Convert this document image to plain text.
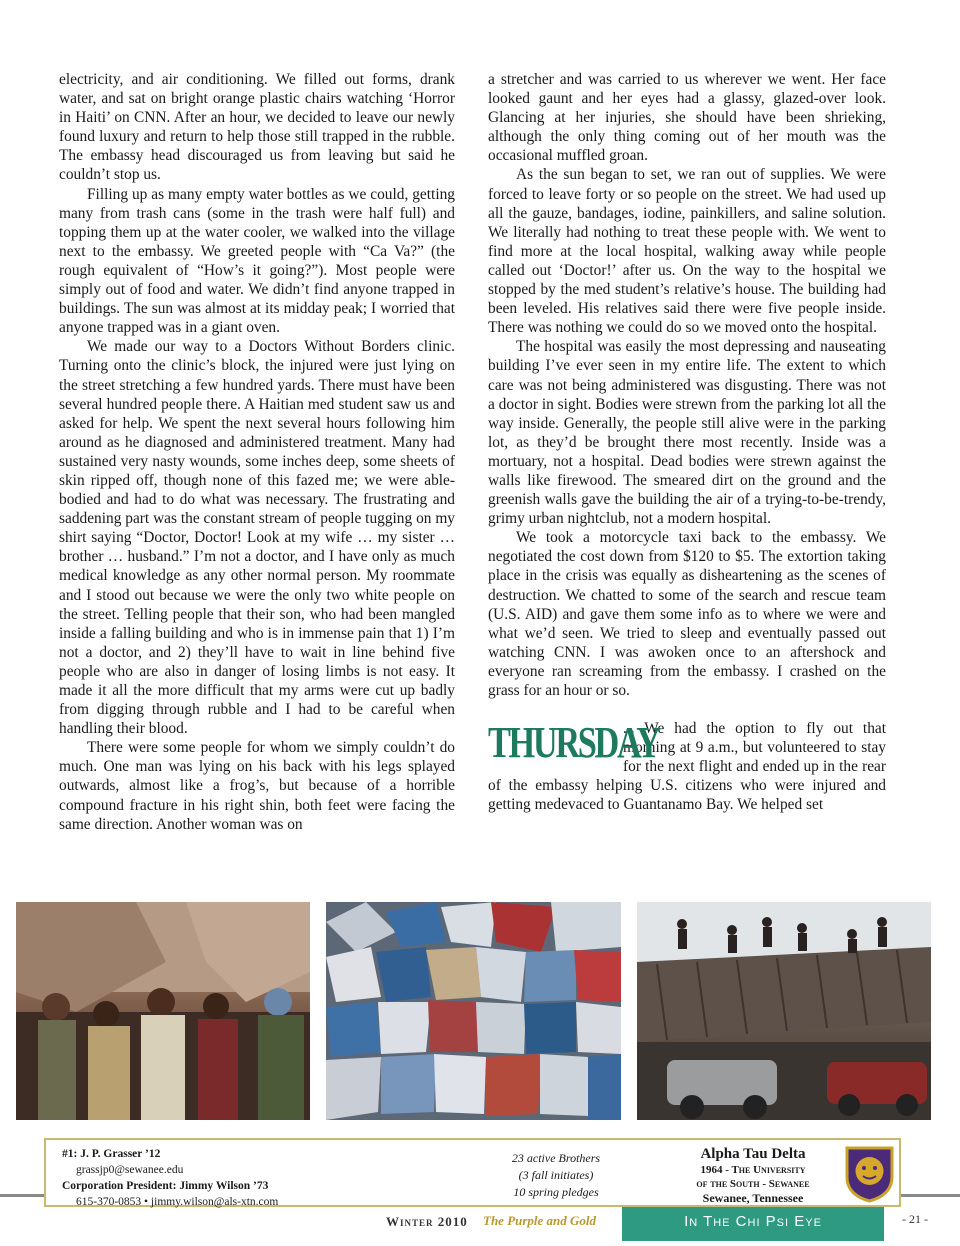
electricity, and air conditioning. We filled out forms, drank water, and sat on bright orange plastic chairs watching ‘Horror in Haiti’ on CNN. After an hour, we decided to leave our newly found luxury and return to help those still trapped in the rubble. The embassy head discouraged us from leaving but said he couldn’t stop us.

Filling up as many empty water bottles as we could, getting many from trash cans (some in the trash were half full) and topping them up at the water cooler, we walked into the village next to the embassy. We greeted people with “Ca Va?” (the rough equivalent of “How’s it going?”). Most people were simply out of food and water. We didn’t find anyone trapped in buildings. The sun was almost at its midday peak; I worried that anyone trapped was in a giant oven.

We made our way to a Doctors Without Borders clinic. Turning onto the clinic’s block, the injured were just lying on the street stretching a few hundred yards. There must have been several hundred people there. A Haitian med student saw us and asked for help. We spent the next several hours following him around as he diagnosed and administered treatment. Many had sustained very nasty wounds, some inches deep, some sheets of skin ripped off, though none of this fazed me; we were able-bodied and had to do what was necessary. The frustrating and saddening part was the constant stream of people tugging on my shirt saying “Doctor, Doctor! Look at my wife … my sister … brother … husband.” I’m not a doctor, and I have only as much medical knowledge as any other normal person. My roommate and I stood out because we were the only two white people on the street. Telling people that their son, who had been mangled inside a falling building and who is in immense pain that 1) I’m not a doctor, and 2) they’ll have to wait in line behind five people who are also in danger of losing limbs is not easy. It made it all the more difficult that my arms were cut up badly from digging through rubble and I had to be careful when handling their blood.

There were some people for whom we simply couldn’t do much. One man was lying on his back with his legs splayed outwards, almost like a frog’s, but because of a horrible compound fracture in his right shin, both feet were facing the same direction. Another woman was on

a stretcher and was carried to us wherever we went. Her face looked gaunt and her eyes had a glassy, glazed-over look. Glancing at her injuries, she should have been shrieking, although the only thing coming out of her mouth was the occasional muffled groan.

As the sun began to set, we ran out of supplies. We were forced to leave forty or so people on the street. We had used up all the gauze, bandages, iodine, painkillers, and saline solution. We literally had nothing to treat these people with. We went to find more at the local hospital, walking away while people called out ‘Doctor!’ after us. On the way to the hospital we stopped by the med student’s relative’s house. The building had been leveled. His relatives said there were five people inside. There was nothing we could do so we moved onto the hospital.

The hospital was easily the most depressing and nauseating building I’ve ever seen in my entire life. The extent to which care was not being administered was disgusting. There was not a doctor in sight. Bodies were strewn from the parking lot all the way inside. Generally, the people still alive were in the parking lot, as they’d be brought there most recently. Inside was a mortuary, not a hospital. Dead bodies were strewn against the walls like firewood. The smeared dirt on the ground and the greenish walls gave the building the air of a trying-to-be-trendy, grimy urban nightclub, not a modern hospital.

We took a motorcycle taxi back to the embassy. We negotiated the cost down from $120 to $5. The extortion taking place in the crisis was equally as disheartening as the scenes of destruction. We chatted to some of the search and rescue team (U.S. AID) and gave them some info as to where we were and what we’d seen. We tried to sleep and eventually passed out watching CNN. I was awoken once to an aftershock and everyone ran screaming from the embassy. I crashed on the grass for an hour or so.

THURSDAY

... We had the option to fly out that morning at 9 a.m., but volunteered to stay for the next flight and ended up in the rear of the embassy helping U.S. citizens who were injured and getting medevaced to Guantanamo Bay. We helped set

#1: J. P. Grasser ’12
grassjp0@sewanee.edu
Corporation President: Jimmy Wilson ’73
615-370-0853 • jimmy.wilson@als-xtn.com
23 active Brothers
(3 fall initiates)
10 spring pledges
Alpha Tau Delta
1964 - The University
of the South - Sewanee
Sewanee, Tennessee
Winter 2010 The Purple and Gold	In The Chi Psi Eye	- 21 -
